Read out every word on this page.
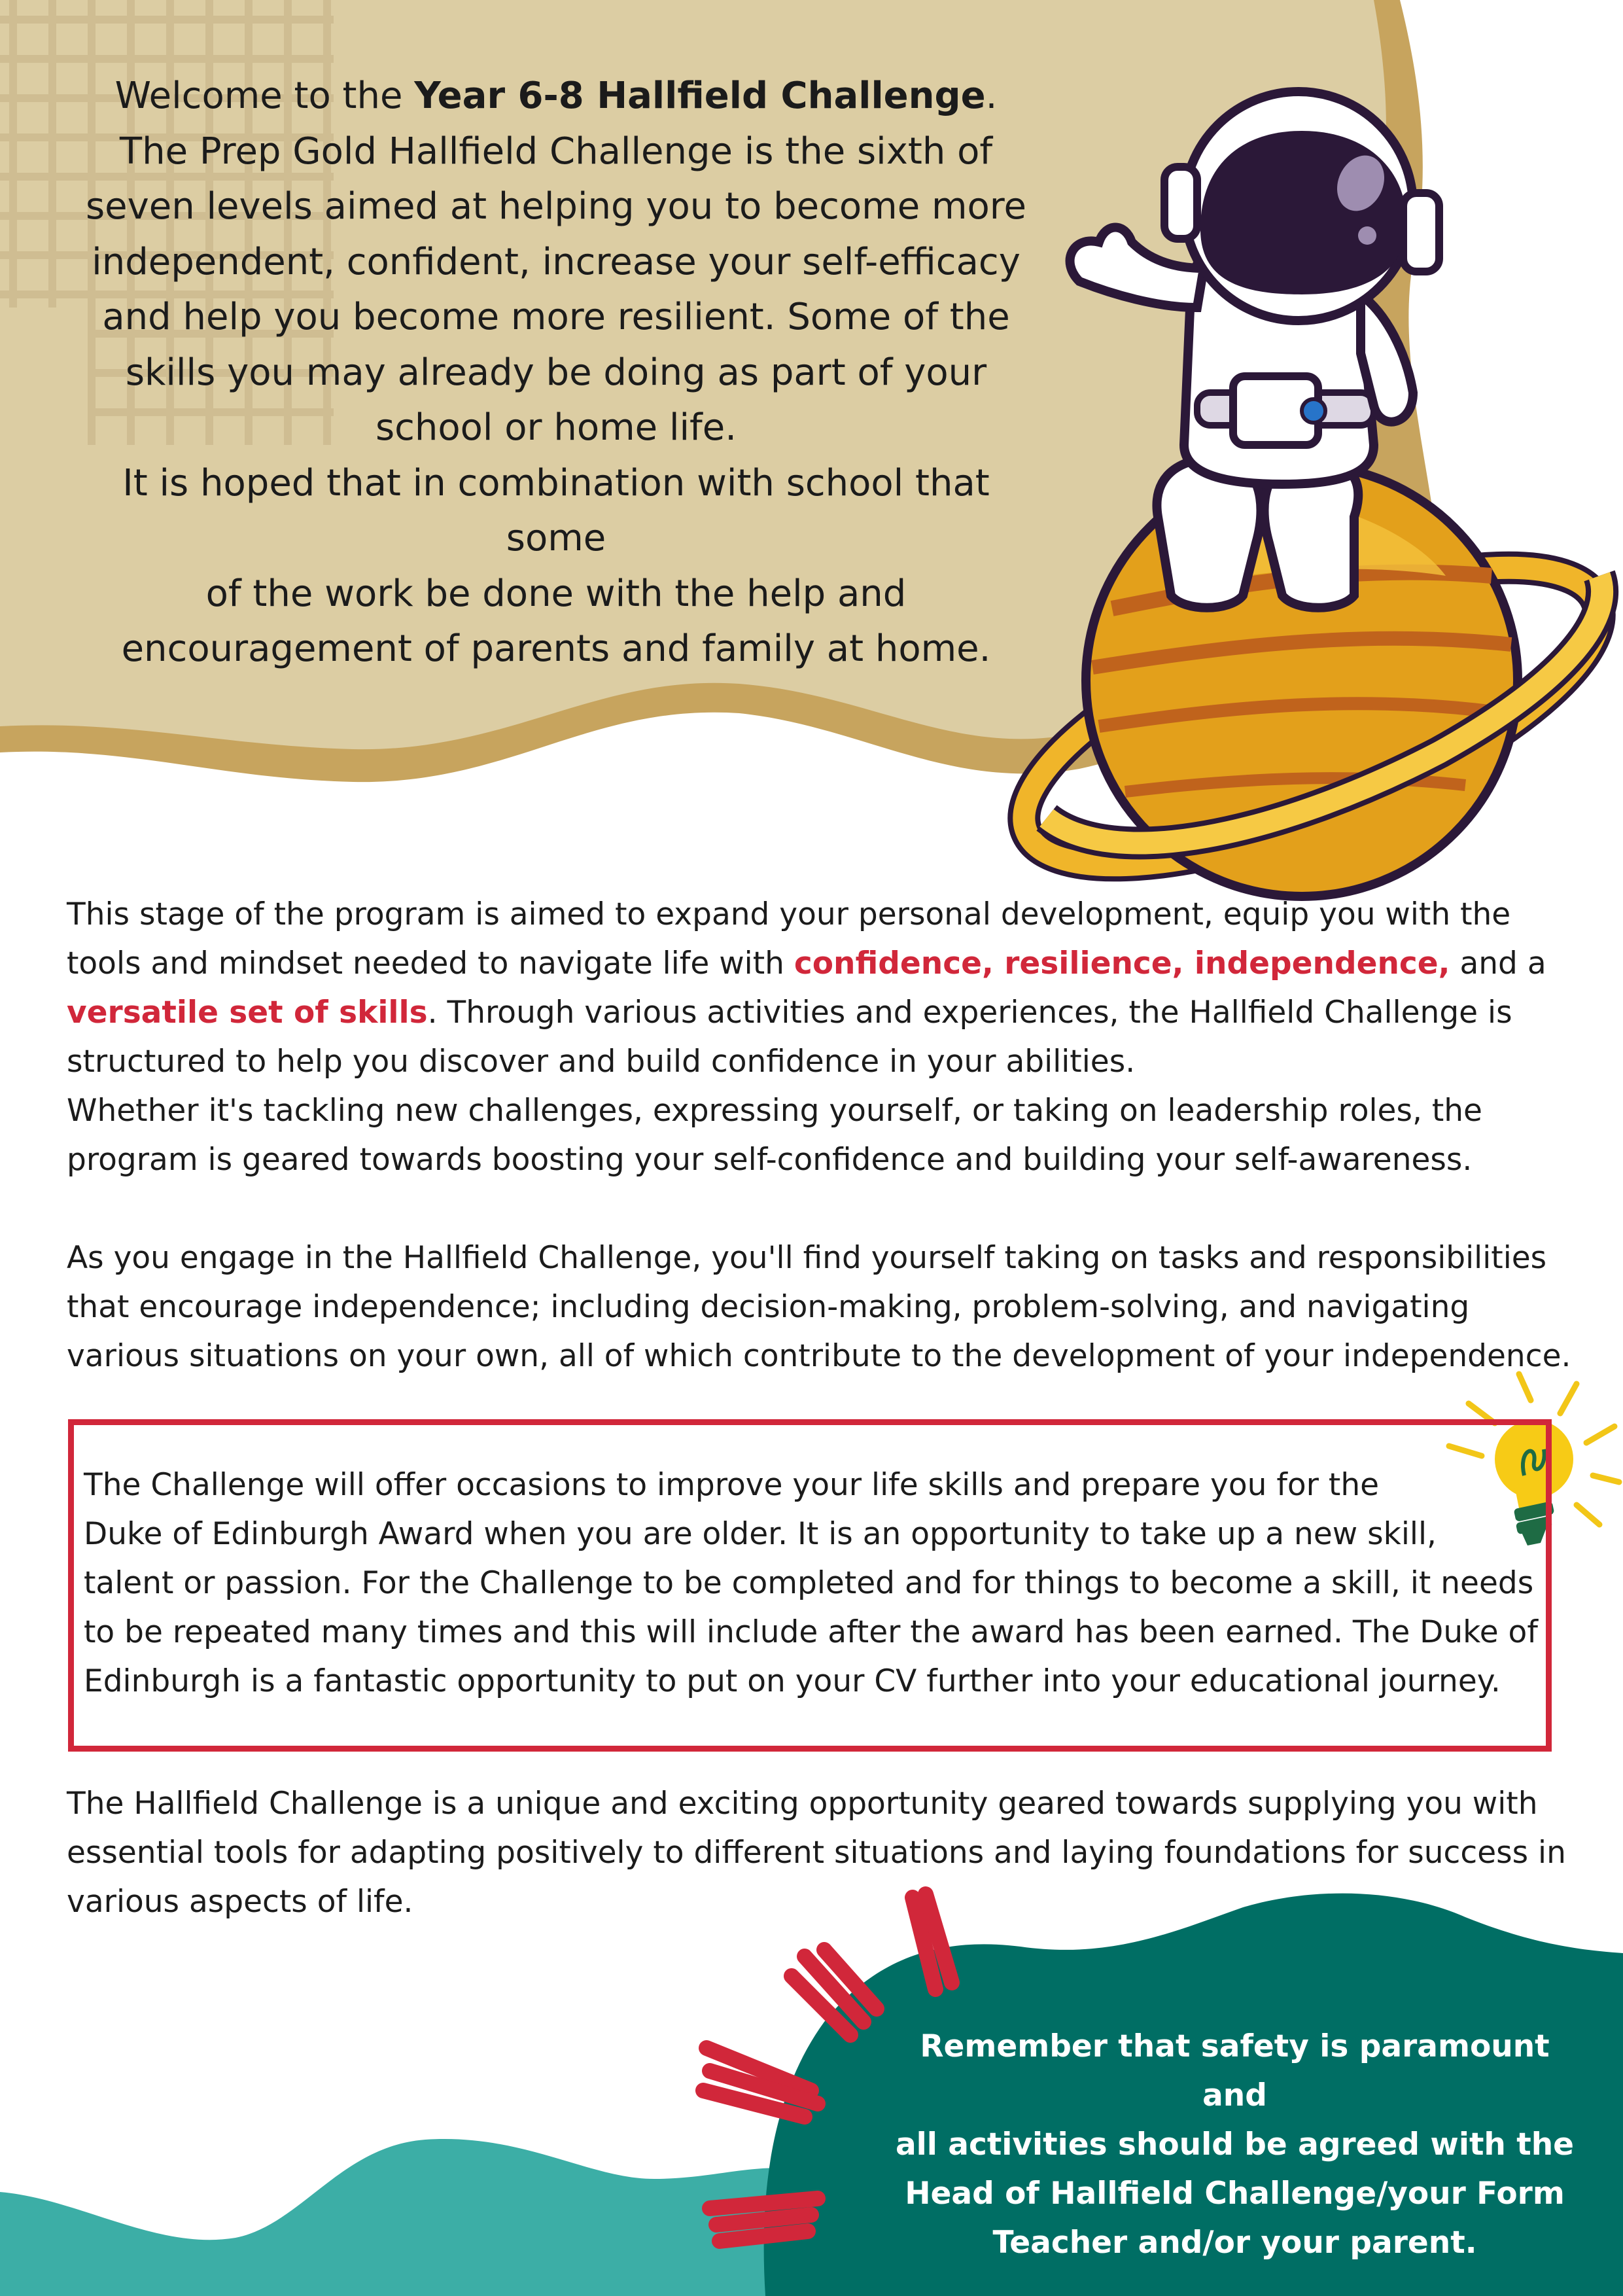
Welcome to the Year 6-8 Hallfield Challenge.

The Prep Gold Hallfield Challenge is the sixth of

seven levels aimed at helping you to become more

independent, confident, increase your self-efficacy

and help you become more resilient. Some of the

skills you may already be doing as part of your

school or home life.

It is hoped that in combination with school that some

of the work be done with the help and

encouragement of parents and family at home.

This stage of the program is aimed to expand your personal development, equip you with the

tools and mindset needed to navigate life with confidence, resilience, independence, and a

versatile set of skills. Through various activities and experiences, the Hallfield Challenge is

structured to help you discover and build confidence in your abilities.

Whether it's tackling new challenges, expressing yourself, or taking on leadership roles, the

program is geared towards boosting your self-confidence and building your self-awareness.

As you engage in the Hallfield Challenge, you'll find yourself taking on tasks and responsibilities

that encourage independence; including decision-making, problem-solving, and navigating

various situations on your own, all of which contribute to the development of your independence.

The Challenge will offer occasions to improve your life skills and prepare you for the

Duke of Edinburgh Award when you are older. It is an opportunity to take up a new skill,

talent or passion. For the Challenge to be completed and for things to become a skill, it needs

to be repeated many times and this will include after the award has been earned. The Duke of

Edinburgh is a fantastic opportunity to put on your CV further into your educational journey.

The Hallfield Challenge is a unique and exciting opportunity geared towards supplying you with

essential tools for adapting positively to different situations and laying foundations for success in

various aspects of life.

Remember that safety is paramount and
all activities should be agreed with the
Head of Hallfield Challenge/your Form
Teacher and/or your parent.
